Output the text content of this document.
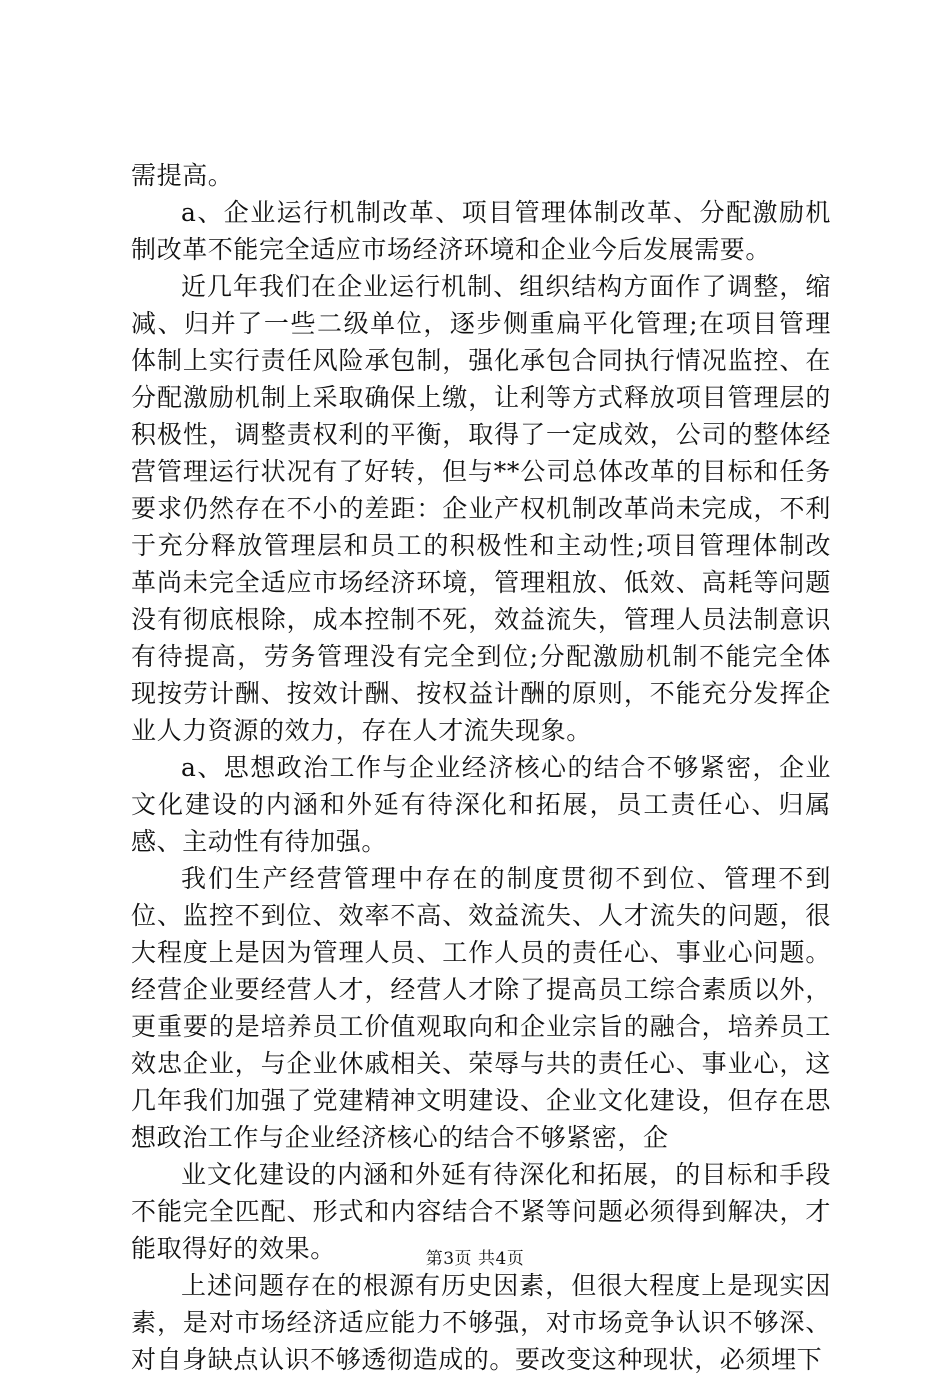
需提高。

a、企业运行机制改革、项目管理体制改革、分配激励机制改革不能完全适应市场经济环境和企业今后发展需要。

近几年我们在企业运行机制、组织结构方面作了调整，缩减、归并了一些二级单位，逐步侧重扁平化管理;在项目管理体制上实行责任风险承包制，强化承包合同执行情况监控、在分配激励机制上采取确保上缴，让利等方式释放项目管理层的积极性，调整责权利的平衡，取得了一定成效，公司的整体经营管理运行状况有了好转，但与**公司总体改革的目标和任务要求仍然存在不小的差距：企业产权机制改革尚未完成，不利于充分释放管理层和员工的积极性和主动性;项目管理体制改革尚未完全适应市场经济环境，管理粗放、低效、高耗等问题没有彻底根除，成本控制不死，效益流失，管理人员法制意识有待提高，劳务管理没有完全到位;分配激励机制不能完全体现按劳计酬、按效计酬、按权益计酬的原则，不能充分发挥企业人力资源的效力，存在人才流失现象。

a、思想政治工作与企业经济核心的结合不够紧密，企业文化建设的内涵和外延有待深化和拓展，员工责任心、归属感、主动性有待加强。

我们生产经营管理中存在的制度贯彻不到位、管理不到位、监控不到位、效率不高、效益流失、人才流失的问题，很大程度上是因为管理人员、工作人员的责任心、事业心问题。经营企业要经营人才，经营人才除了提高员工综合素质以外，更重要的是培养员工价值观取向和企业宗旨的融合，培养员工效忠企业，与企业休戚相关、荣辱与共的责任心、事业心，这几年我们加强了党建精神文明建设、企业文化建设，但存在思想政治工作与企业经济核心的结合不够紧密，企

业文化建设的内涵和外延有待深化和拓展，的目标和手段不能完全匹配、形式和内容结合不紧等问题必须得到解决，才能取得好的效果。

上述问题存在的根源有历史因素，但很大程度上是现实因素，是对市场经济适应能力不够强，对市场竞争认识不够深、对自身缺点认识不够透彻造成的。要改变这种现状，必须埋下

第3页 共4页
